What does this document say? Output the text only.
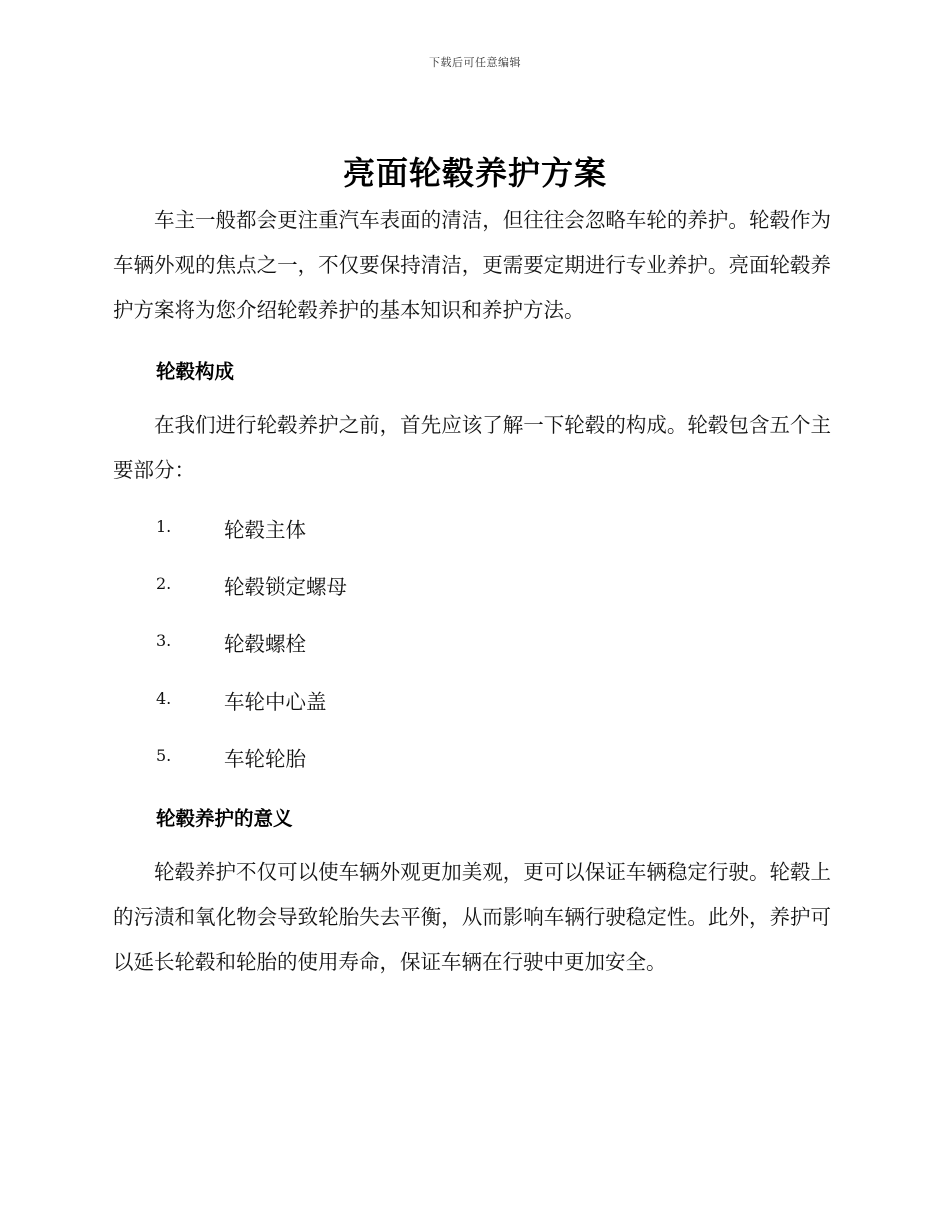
下载后可任意编辑
亮面轮毂养护方案

车主一般都会更注重汽车表面的清洁，但往往会忽略车轮的养护。轮毂作为车辆外观的焦点之一，不仅要保持清洁，更需要定期进行专业养护。亮面轮毂养护方案将为您介绍轮毂养护的基本知识和养护方法。

轮毂构成

在我们进行轮毂养护之前，首先应该了解一下轮毂的构成。轮毂包含五个主要部分：

1.	轮毂主体
2.	轮毂锁定螺母
3.	轮毂螺栓
4.	车轮中心盖
5.	车轮轮胎
轮毂养护的意义

轮毂养护不仅可以使车辆外观更加美观，更可以保证车辆稳定行驶。轮毂上的污渍和氧化物会导致轮胎失去平衡，从而影响车辆行驶稳定性。此外，养护可以延长轮毂和轮胎的使用寿命，保证车辆在行驶中更加安全。
